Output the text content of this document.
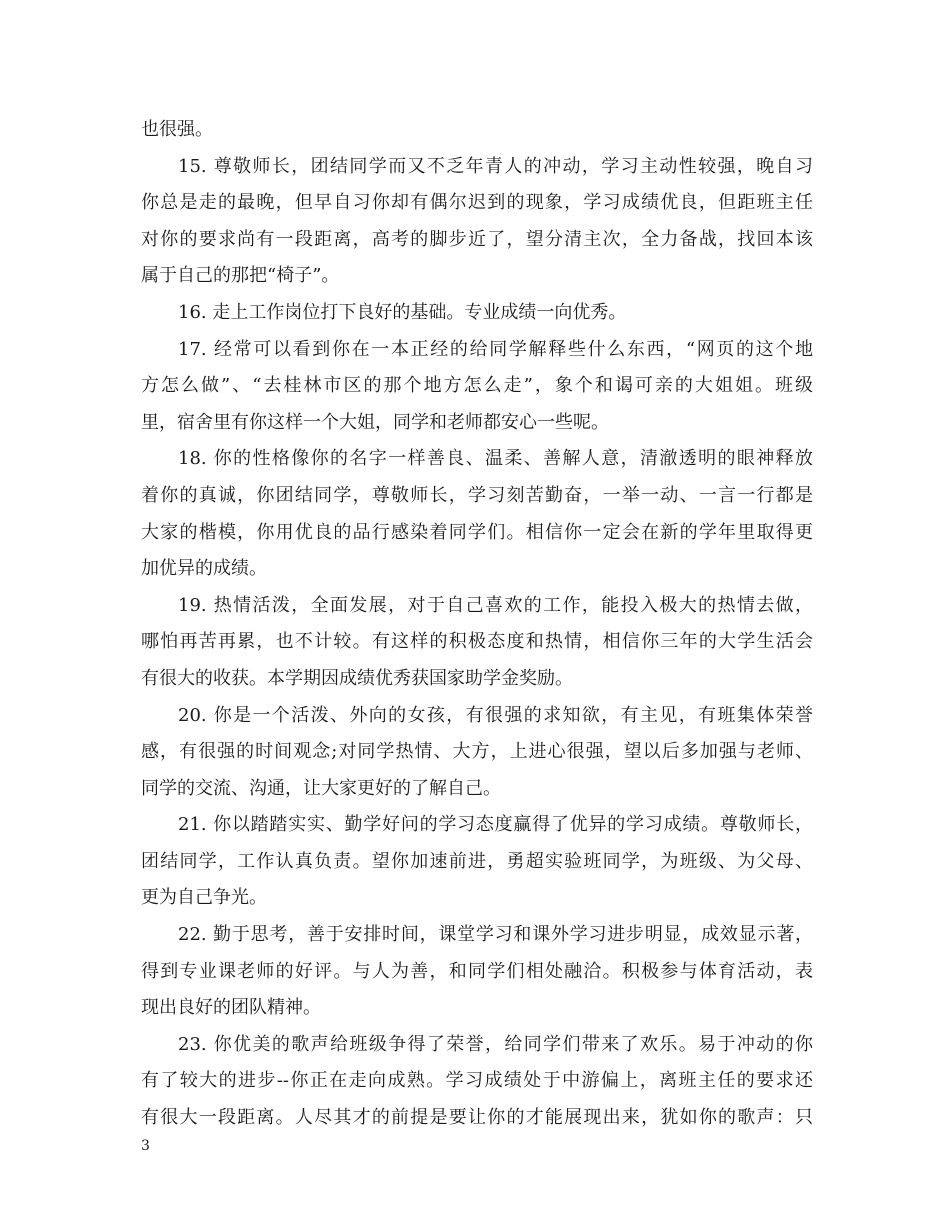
也很强。
15. 尊敬师长，团结同学而又不乏年青人的冲动，学习主动性较强，晚自习
你总是走的最晚，但早自习你却有偶尔迟到的现象，学习成绩优良，但距班主任
对你的要求尚有一段距离，高考的脚步近了，望分清主次，全力备战，找回本该
属于自己的那把“椅子”。
16. 走上工作岗位打下良好的基础。专业成绩一向优秀。
17. 经常可以看到你在一本正经的给同学解释些什么东西，“网页的这个地
方怎么做”、“去桂林市区的那个地方怎么走”，象个和谒可亲的大姐姐。班级
里，宿舍里有你这样一个大姐，同学和老师都安心一些呢。
18. 你的性格像你的名字一样善良、温柔、善解人意，清澈透明的眼神释放
着你的真诚，你团结同学，尊敬师长，学习刻苦勤奋，一举一动、一言一行都是
大家的楷模，你用优良的品行感染着同学们。相信你一定会在新的学年里取得更
加优异的成绩。
19. 热情活泼，全面发展，对于自己喜欢的工作，能投入极大的热情去做，
哪怕再苦再累，也不计较。有这样的积极态度和热情，相信你三年的大学生活会
有很大的收获。本学期因成绩优秀获国家助学金奖励。
20. 你是一个活泼、外向的女孩，有很强的求知欲，有主见，有班集体荣誉
感，有很强的时间观念;对同学热情、大方，上进心很强，望以后多加强与老师、
同学的交流、沟通，让大家更好的了解自己。
21. 你以踏踏实实、勤学好问的学习态度赢得了优异的学习成绩。尊敬师长，
团结同学，工作认真负责。望你加速前进，勇超实验班同学，为班级、为父母、
更为自己争光。
22. 勤于思考，善于安排时间，课堂学习和课外学习进步明显，成效显示著，
得到专业课老师的好评。与人为善，和同学们相处融洽。积极参与体育活动，表
现出良好的团队精神。
23. 你优美的歌声给班级争得了荣誉，给同学们带来了欢乐。易于冲动的你
有了较大的进步--你正在走向成熟。学习成绩处于中游偏上，离班主任的要求还
有很大一段距离。人尽其才的前提是要让你的才能展现出来，犹如你的歌声：只
3
